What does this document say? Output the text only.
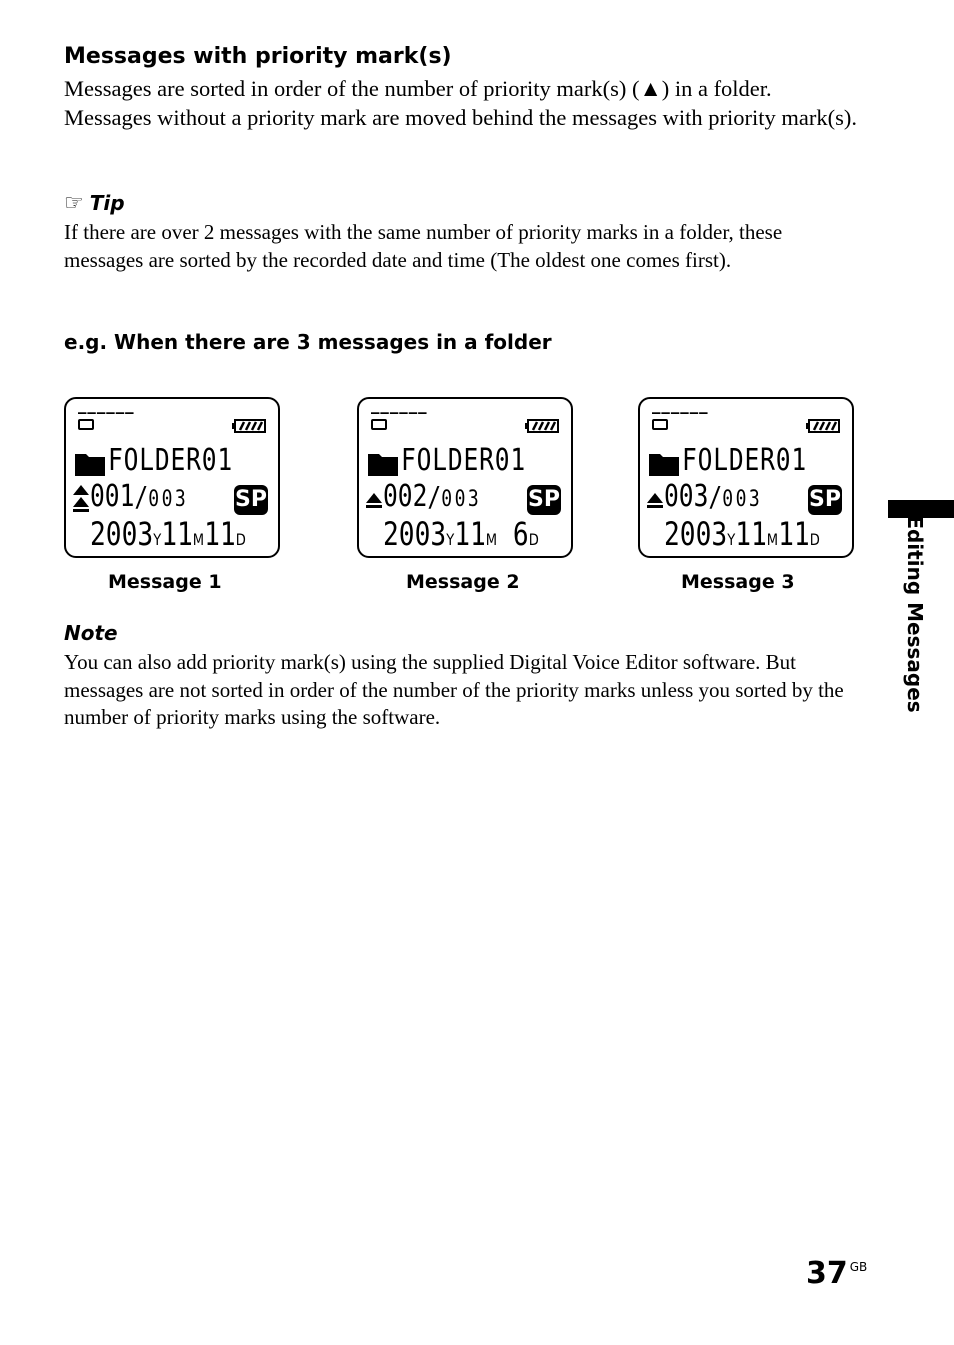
Messages with priority mark(s)
Messages are sorted in order of the number of priority mark(s) (▲) in a folder. Messages without a priority mark are moved behind the messages with priority mark(s).
☞ Tip
If there are over 2 messages with the same number of priority marks in a folder, these messages are sorted by the recorded date and time (The oldest one comes first).
e.g. When there are 3 messages in a folder
‒‒‒‒‒‒
FOLDER01
001/003 SP
2003Y11M11D
‒‒‒‒‒‒
FOLDER01
002/003 SP
2003Y11M 6D
‒‒‒‒‒‒
FOLDER01
003/003 SP
2003Y11M11D
Message 1	Message 2	Message 3
Note
You can also add priority mark(s) using the supplied Digital Voice Editor software. But messages are not sorted in order of the number of the priority marks unless you sorted by the number of priority marks using the software.
Editing Messages
37 $^{GB}$
